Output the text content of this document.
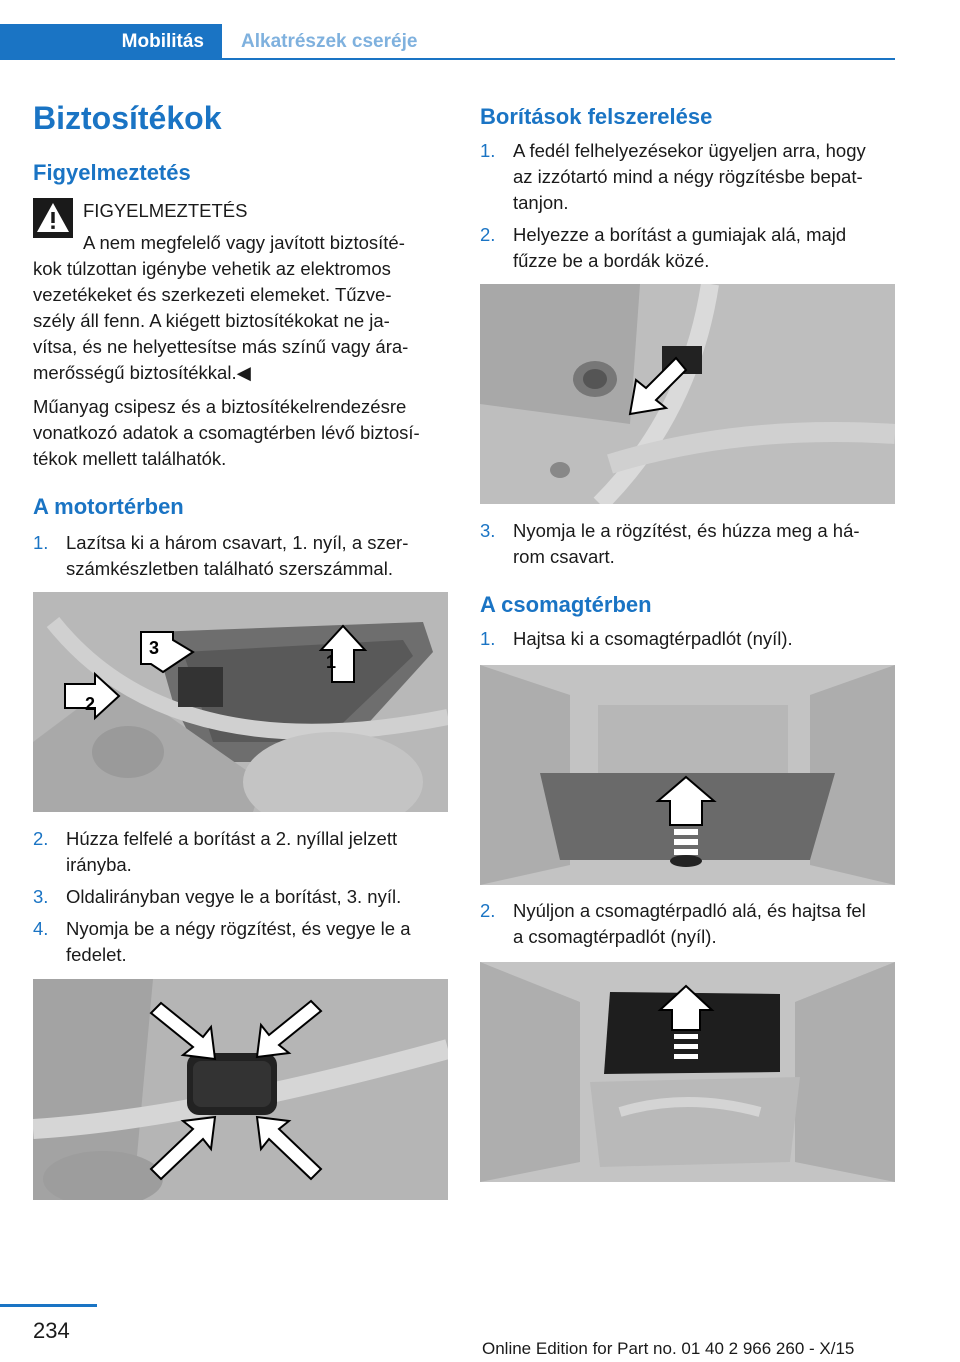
Mobilitás	Alkatrészek cseréje
Biztosítékok
Figyelmeztetés
FIGYELMEZTETÉS
A nem megfelelő vagy javított biztosíté-
kok túlzottan igénybe vehetik az elektromos
vezetékeket és szerkezeti elemeket. Tűzve-
szély áll fenn. A kiégett biztosítékokat ne ja-
vítsa, és ne helyettesítse más színű vagy ára-
merősségű biztosítékkal.◀
Műanyag csipesz és a biztosítékelrendezésre
vonatkozó adatok a csomagtérben lévő biztosí-
tékok mellett találhatók.
A motortérben
1. Lazítsa ki a három csavart, 1. nyíl, a szer-
számkészletben található szerszámmal.
1
2
3
2. Húzza felfelé a borítást a 2. nyíllal jelzett
irányba.
3. Oldalirányban vegye le a borítást, 3. nyíl.
4. Nyomja be a négy rögzítést, és vegye le a
fedelet.
Borítások felszerelése
1. A fedél felhelyezésekor ügyeljen arra, hogy
az izzótartó mind a négy rögzítésbe bepat-
tanjon.
2. Helyezze a borítást a gumiajak alá, majd
fűzze be a bordák közé.
3. Nyomja le a rögzítést, és húzza meg a há-
rom csavart.
A csomagtérben
1. Hajtsa ki a csomagtérpadlót (nyíl).
2. Nyúljon a csomagtérpadló alá, és hajtsa fel
a csomagtérpadlót (nyíl).
234
Online Edition for Part no. 01 40 2 966 260 - X/15
